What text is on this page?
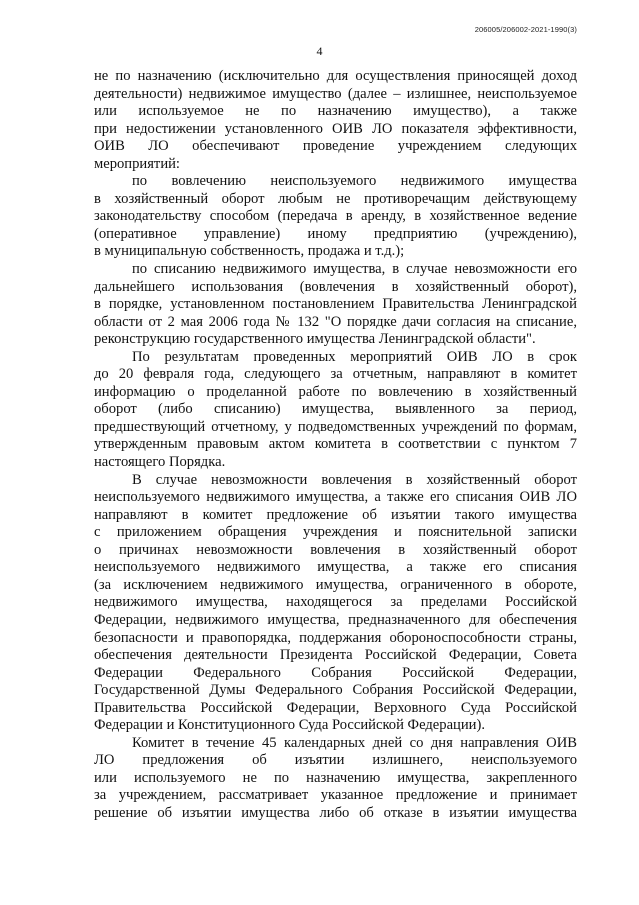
206005/206002-2021-1990(3)
4
не по назначению (исключительно для осуществления приносящей доход
деятельности) недвижимое имущество (далее – излишнее, неиспользуемое
или используемое не по назначению имущество), а также
при недостижении установленного ОИВ ЛО показателя эффективности,
ОИВ ЛО обеспечивают проведение учреждением следующих
мероприятий:
по вовлечению неиспользуемого недвижимого имущества
в хозяйственный оборот любым не противоречащим действующему
законодательству способом (передача в аренду, в хозяйственное ведение
(оперативное управление) иному предприятию (учреждению),
в муниципальную собственность, продажа и т.д.);
по списанию недвижимого имущества, в случае невозможности его
дальнейшего использования (вовлечения в хозяйственный оборот),
в порядке, установленном постановлением Правительства Ленинградской
области от 2 мая 2006 года № 132 "О порядке дачи согласия на списание,
реконструкцию государственного имущества Ленинградской области".
По результатам проведенных мероприятий ОИВ ЛО в срок
до 20 февраля года, следующего за отчетным, направляют в комитет
информацию о проделанной работе по вовлечению в хозяйственный
оборот (либо списанию) имущества, выявленного за период,
предшествующий отчетному, у подведомственных учреждений по формам,
утвержденным правовым актом комитета в соответствии с пунктом 7
настоящего Порядка.
В случае невозможности вовлечения в хозяйственный оборот
неиспользуемого недвижимого имущества, а также его списания ОИВ ЛО
направляют в комитет предложение об изъятии такого имущества
с приложением обращения учреждения и пояснительной записки
о причинах невозможности вовлечения в хозяйственный оборот
неиспользуемого недвижимого имущества, а также его списания
(за исключением недвижимого имущества, ограниченного в обороте,
недвижимого имущества, находящегося за пределами Российской
Федерации, недвижимого имущества, предназначенного для обеспечения
безопасности и правопорядка, поддержания обороноспособности страны,
обеспечения деятельности Президента Российской Федерации, Совета
Федерации Федерального Собрания Российской Федерации,
Государственной Думы Федерального Собрания Российской Федерации,
Правительства Российской Федерации, Верховного Суда Российской
Федерации и Конституционного Суда Российской Федерации).
Комитет в течение 45 календарных дней со дня направления ОИВ
ЛО предложения об изъятии излишнего, неиспользуемого
или используемого не по назначению имущества, закрепленного
за учреждением, рассматривает указанное предложение и принимает
решение об изъятии имущества либо об отказе в изъятии имущества
